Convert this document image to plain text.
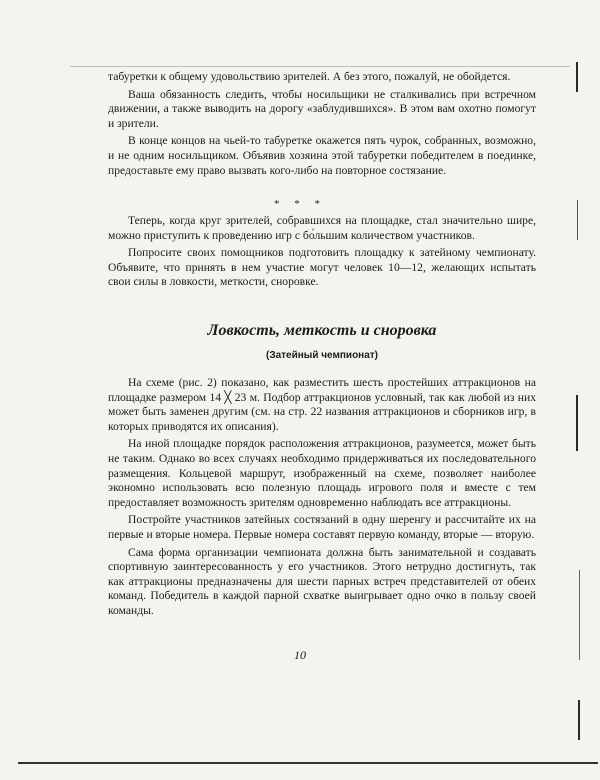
табуретки к общему удовольствию зрителей. А без этого, пожалуй, не обойдется.

Ваша обязанность следить, чтобы носильщики не сталкивались при встречном движении, а также выводить на дорогу «заблудившихся». В этом вам охотно помогут и зрители.

В конце концов на чьей-то табуретке окажется пять чурок, собранных, возможно, и не одним носильщиком. Объявив хозяина этой табуретки победителем в поединке, предоставьте ему право вызвать кого-либо на повторное состязание.

* * *

Теперь, когда круг зрителей, собравшихся на площадке, стал значительно шире, можно приступить к проведению игр с бо́льшим количеством участников.

Попросите своих помощников подготовить площадку к затейному чемпионату. Объявите, что принять в нем участие могут человек 10—12, желающих испытать свои силы в ловкости, меткости, сноровке.

Ловкость, меткость и сноровка
(Затейный чемпионат)

На схеме (рис. 2) показано, как разместить шесть простейших аттракционов на площадке размером 14 ╳ 23 м. Подбор аттракционов условный, так как любой из них может быть заменен другим (см. на стр. 22 названия аттракционов и сборников игр, в которых приводятся их описания).

На иной площадке порядок расположения аттракционов, разумеется, может быть не таким. Однако во всех случаях необходимо придерживаться их последовательного размещения. Кольцевой маршрут, изображенный на схеме, позволяет наиболее экономно использовать всю полезную площадь игрового поля и вместе с тем предоставляет возможность зрителям одновременно наблюдать все аттракционы.

Постройте участников затейных состязаний в одну шеренгу и рассчитайте их на первые и вторые номера. Первые номера составят первую команду, вторые — вторую.

Сама форма организации чемпионата должна быть занимательной и создавать спортивную заинтересованность у его участников. Этого нетрудно достигнуть, так как аттракционы предназначены для шести парных встреч представителей от обеих команд. Победитель в каждой парной схватке выигрывает одно очко в пользу своей команды.

10
